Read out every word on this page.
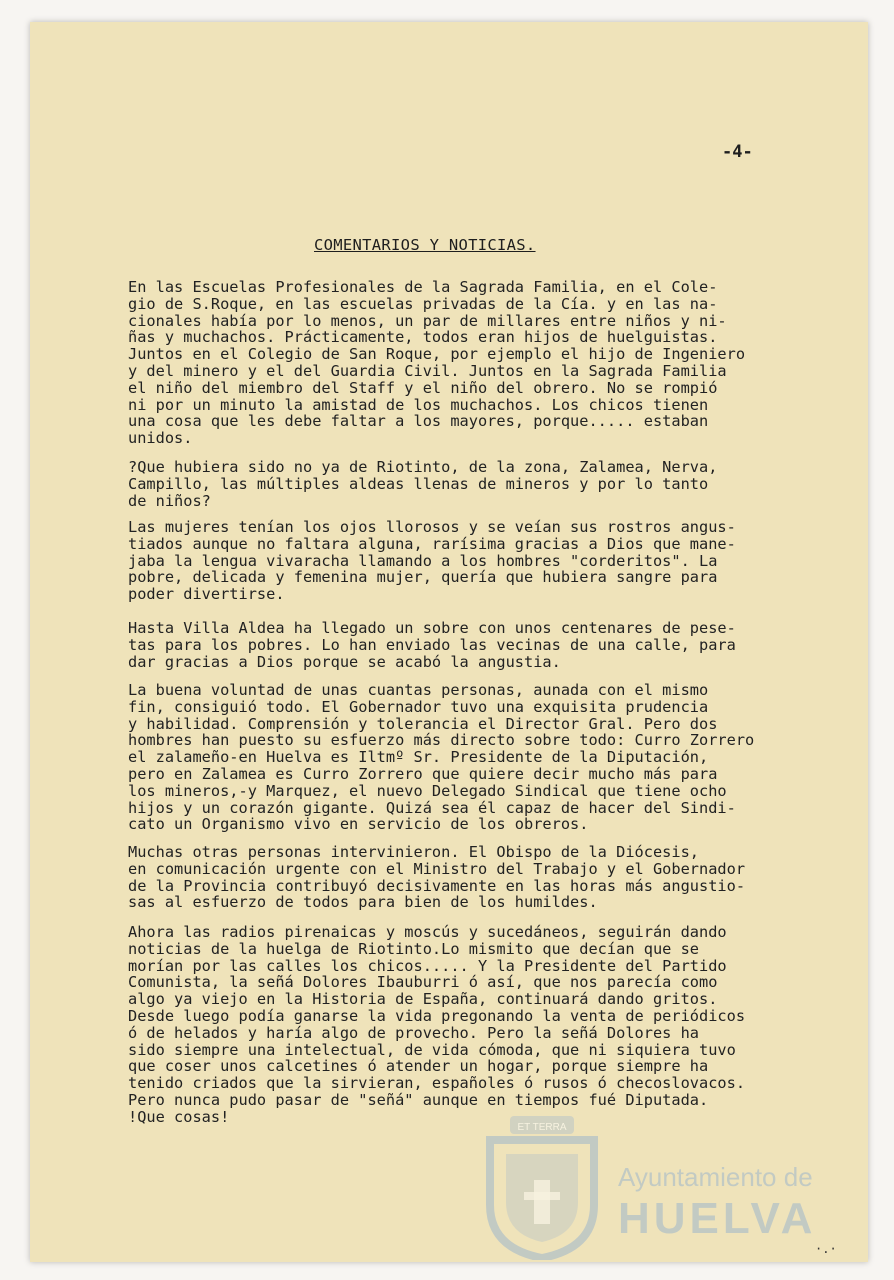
-4-
COMENTARIOS Y NOTICIAS.

En las Escuelas Profesionales de la Sagrada Familia, en el Cole-
gio de S.Roque, en las escuelas privadas de la Cía. y en las na-
cionales había por lo menos, un par de millares entre niños y ni-
ñas y muchachos. Prácticamente, todos eran hijos de huelguistas.
Juntos en el Colegio de San Roque, por ejemplo el hijo de Ingeniero
y del minero y el del Guardia Civil. Juntos en la Sagrada Familia
el niño del miembro del Staff y el niño del obrero. No se rompió
ni por un minuto la amistad de los muchachos. Los chicos tienen
una cosa que les debe faltar a los mayores, porque..... estaban
unidos.

?Que hubiera sido no ya de Riotinto, de la zona, Zalamea, Nerva,
Campillo, las múltiples aldeas llenas de mineros y por lo tanto
de niños?

Las mujeres tenían los ojos llorosos y se veían sus rostros angus-
tiados aunque no faltara alguna, rarísima gracias a Dios que mane-
jaba la lengua vivaracha llamando a los hombres "corderitos". La
pobre, delicada y femenina mujer, quería que hubiera sangre para
poder divertirse.

Hasta Villa Aldea ha llegado un sobre con unos centenares de pese-
tas para los pobres. Lo han enviado las vecinas de una calle, para
dar gracias a Dios porque se acabó la angustia.

La buena voluntad de unas cuantas personas, aunada con el mismo
fin, consiguió todo. El Gobernador tuvo una exquisita prudencia
y habilidad. Comprensión y tolerancia el Director Gral. Pero dos
hombres han puesto su esfuerzo más directo sobre todo: Curro Zorrero
el zalameño-en Huelva es Iltmº Sr. Presidente de la Diputación,
pero en Zalamea es Curro Zorrero que quiere decir mucho más para
los mineros,-y Marquez, el nuevo Delegado Sindical que tiene ocho
hijos y un corazón gigante. Quizá sea él capaz de hacer del Sindi-
cato un Organismo vivo en servicio de los obreros.

Muchas otras personas intervinieron. El Obispo de la Diócesis,
en comunicación urgente con el Ministro del Trabajo y el Gobernador
de la Provincia contribuyó decisivamente en las horas más angustio-
sas al esfuerzo de todos para bien de los humildes.

Ahora las radios pirenaicas y moscús y sucedáneos, seguirán dando
noticias de la huelga de Riotinto.Lo mismito que decían que se
morían por las calles los chicos..... Y la Presidente del Partido
Comunista, la señá Dolores Ibauburri ó así, que nos parecía como
algo ya viejo en la Historia de España, continuará dando gritos.
Desde luego podía ganarse la vida pregonando la venta de periódicos
ó de helados y haría algo de provecho. Pero la señá Dolores ha
sido siempre una intelectual, de vida cómoda, que ni siquiera tuvo
que coser unos calcetines ó atender un hogar, porque siempre ha
tenido criados que la sirvieran, españoles ó rusos ó checoslovacos.
Pero nunca pudo pasar de "señá" aunque en tiempos fué Diputada.
!Que cosas!

ET TERRA
Ayuntamiento de
HUELVA
·.·
